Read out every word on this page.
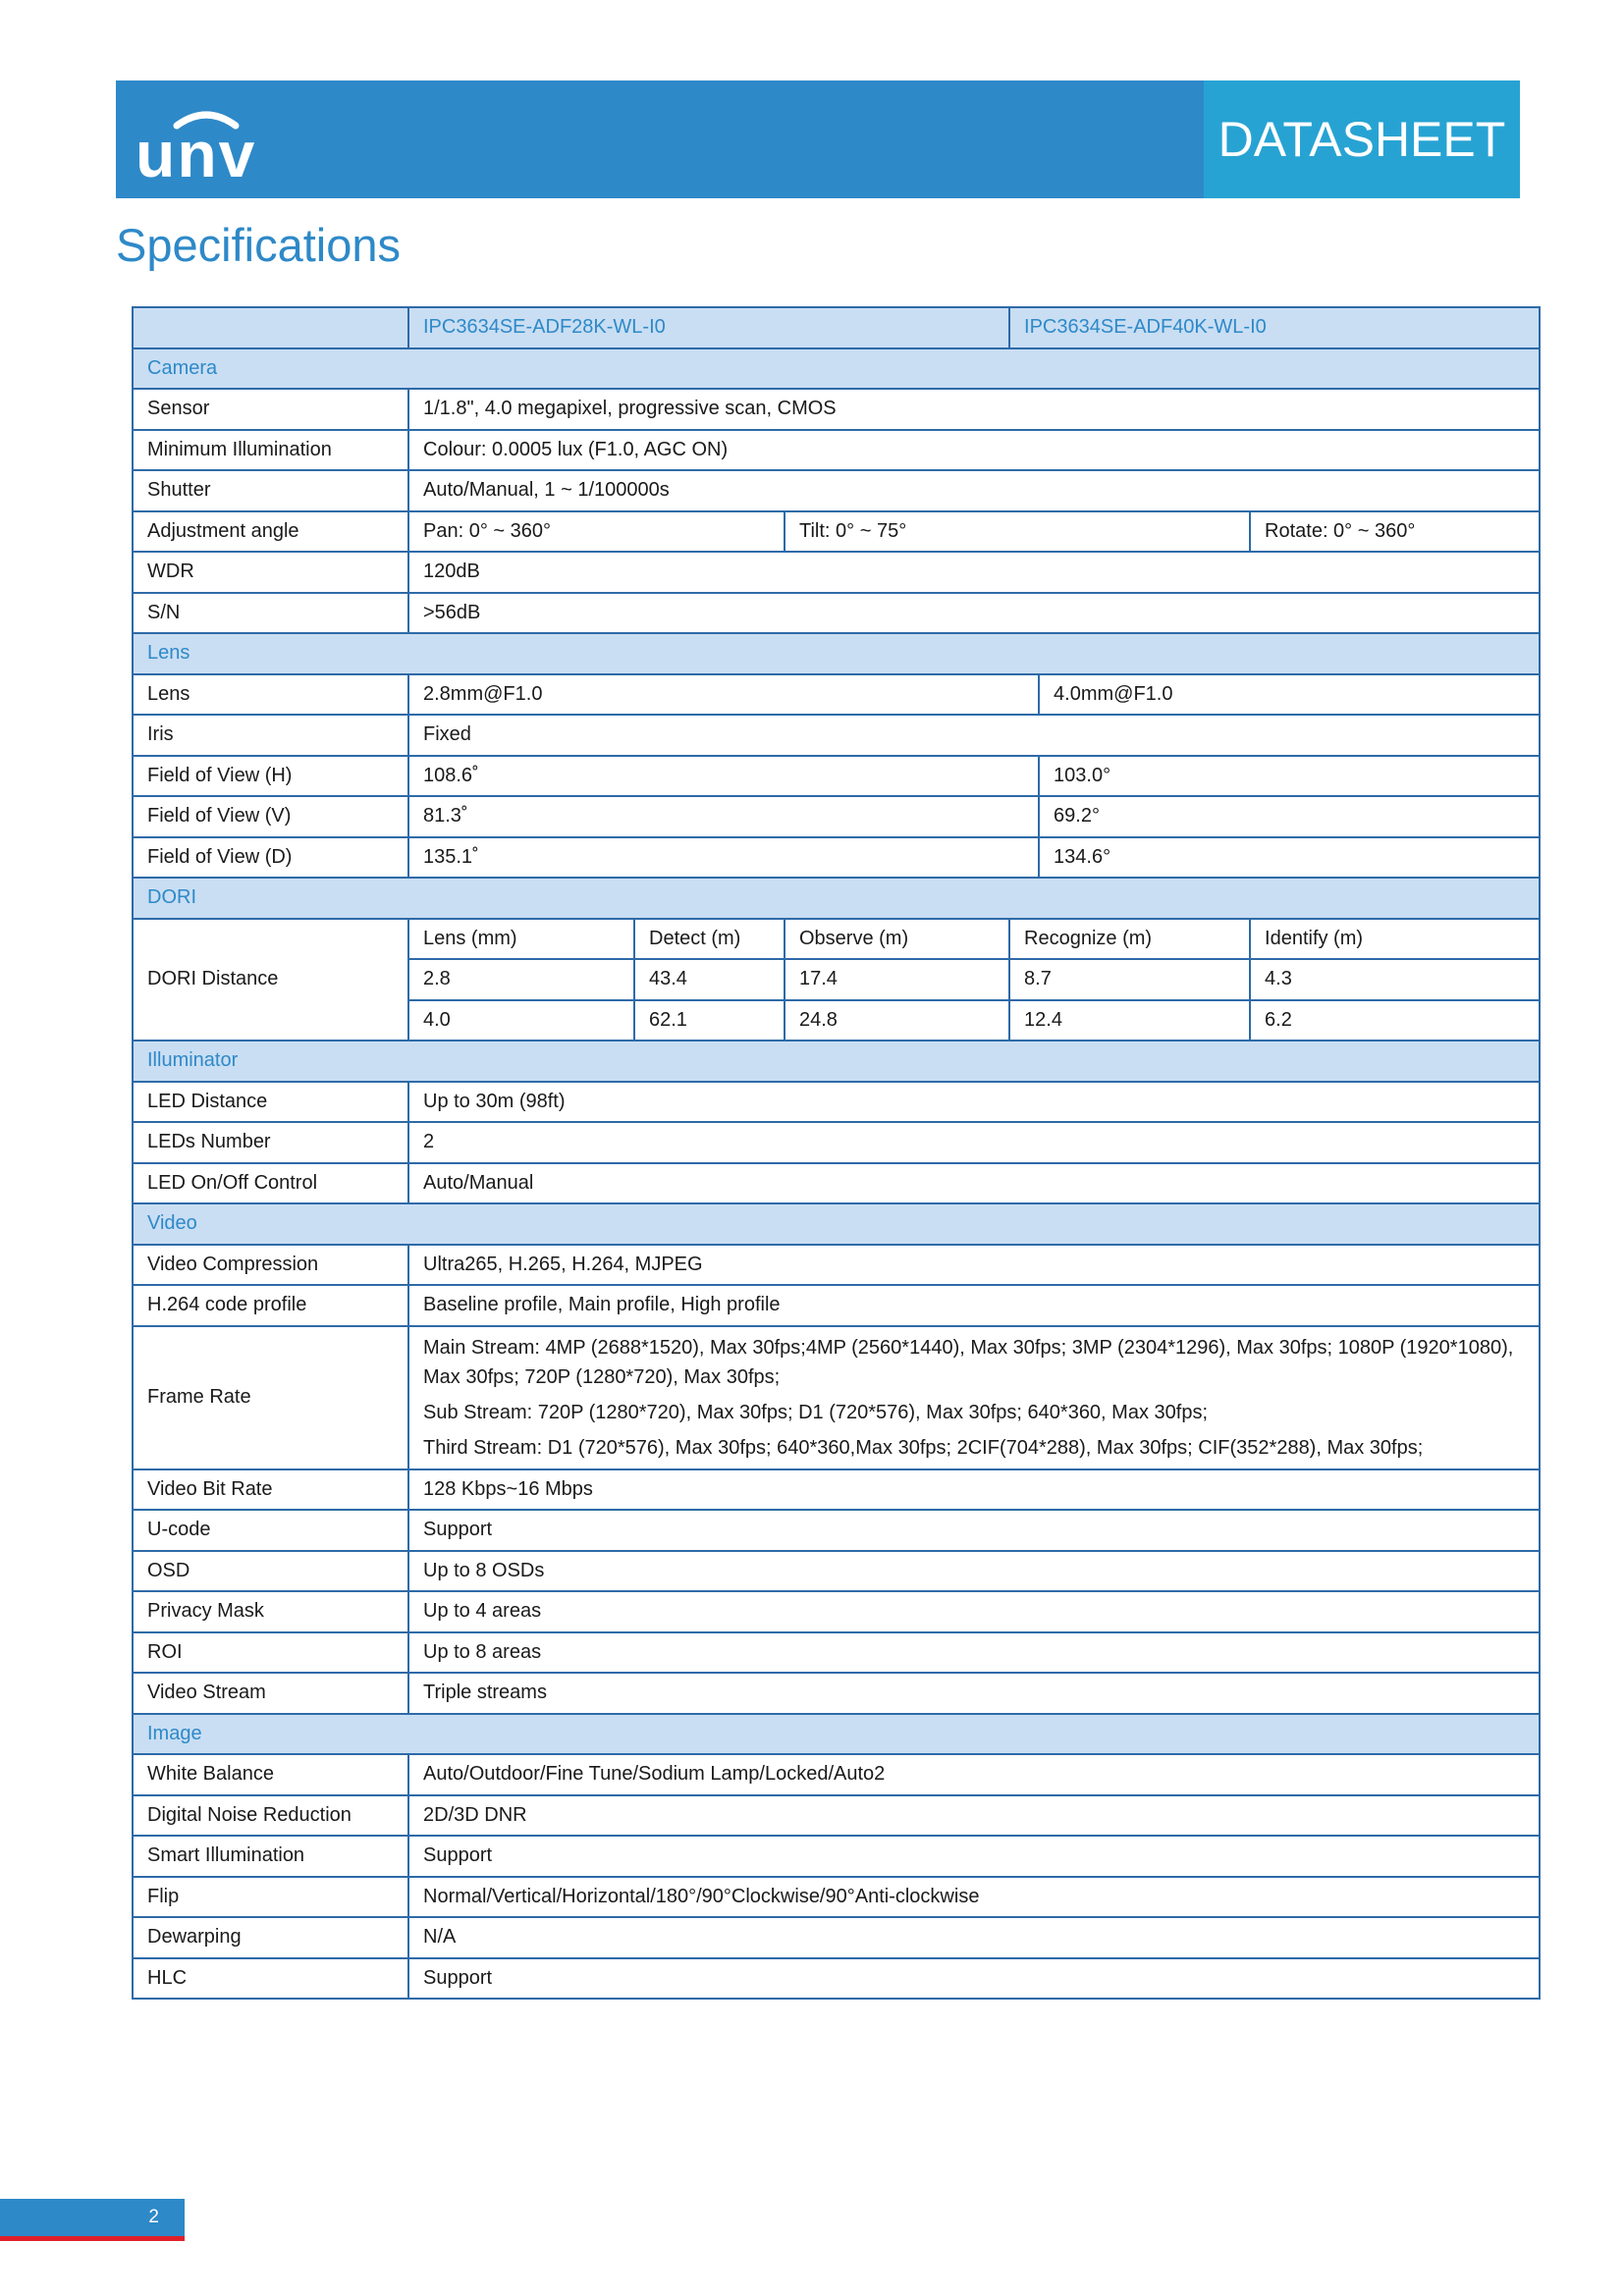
unv	DATASHEET
Specifications
	IPC3634SE-ADF28K-WL-I0			IPC3634SE-ADF40K-WL-I0		
Camera						
Sensor	1/1.8", 4.0 megapixel, progressive scan, CMOS					
Minimum Illumination	Colour: 0.0005 lux (F1.0, AGC ON)					
Shutter	Auto/Manual, 1 ~ 1/100000s					
Adjustment angle	Pan: 0° ~ 360°		Tilt: 0° ~ 75°			Rotate: 0° ~ 360°
WDR	120dB					
S/N	>56dB					
Lens						
Lens	2.8mm@F1.0				4.0mm@F1.0	
Iris	Fixed					
Field of View (H)	108.6˚				103.0°	
Field of View (V)	81.3˚				69.2°	
Field of View (D)	135.1˚				134.6°	
DORI						
DORI Distance	Lens (mm)	Detect (m)	Observe (m)	Recognize (m)		Identify (m)
	2.8	43.4	17.4	8.7		4.3
	4.0	62.1	24.8	12.4		6.2
Illuminator						
LED Distance	Up to 30m (98ft)					
LEDs Number	2					
LED On/Off Control	Auto/Manual					
Video						
Video Compression	Ultra265, H.265, H.264, MJPEG					
H.264 code profile	Baseline profile, Main profile, High profile					
Frame Rate	Main Stream: 4MP (2688*1520), Max 30fps;4MP (2560*1440), Max 30fps; 3MP (2304*1296), Max 30fps; 1080P (1920*1080), Max 30fps; 720P (1280*720), Max 30fps;
Sub Stream: 720P (1280*720), Max 30fps; D1 (720*576), Max 30fps; 640*360, Max 30fps;
Third Stream: D1 (720*576), Max 30fps; 640*360,Max 30fps; 2CIF(704*288), Max 30fps; CIF(352*288), Max 30fps;					

Video Bit Rate	128 Kbps~16 Mbps					
U-code	Support					
OSD	Up to 8 OSDs					
Privacy Mask	Up to 4 areas					
ROI	Up to 8 areas					
Video Stream	Triple streams					
Image						
White Balance	Auto/Outdoor/Fine Tune/Sodium Lamp/Locked/Auto2					
Digital Noise Reduction	2D/3D DNR					
Smart Illumination	Support					
Flip	Normal/Vertical/Horizontal/180°/90°Clockwise/90°Anti-clockwise					
Dewarping	N/A					
HLC	Support					
2
